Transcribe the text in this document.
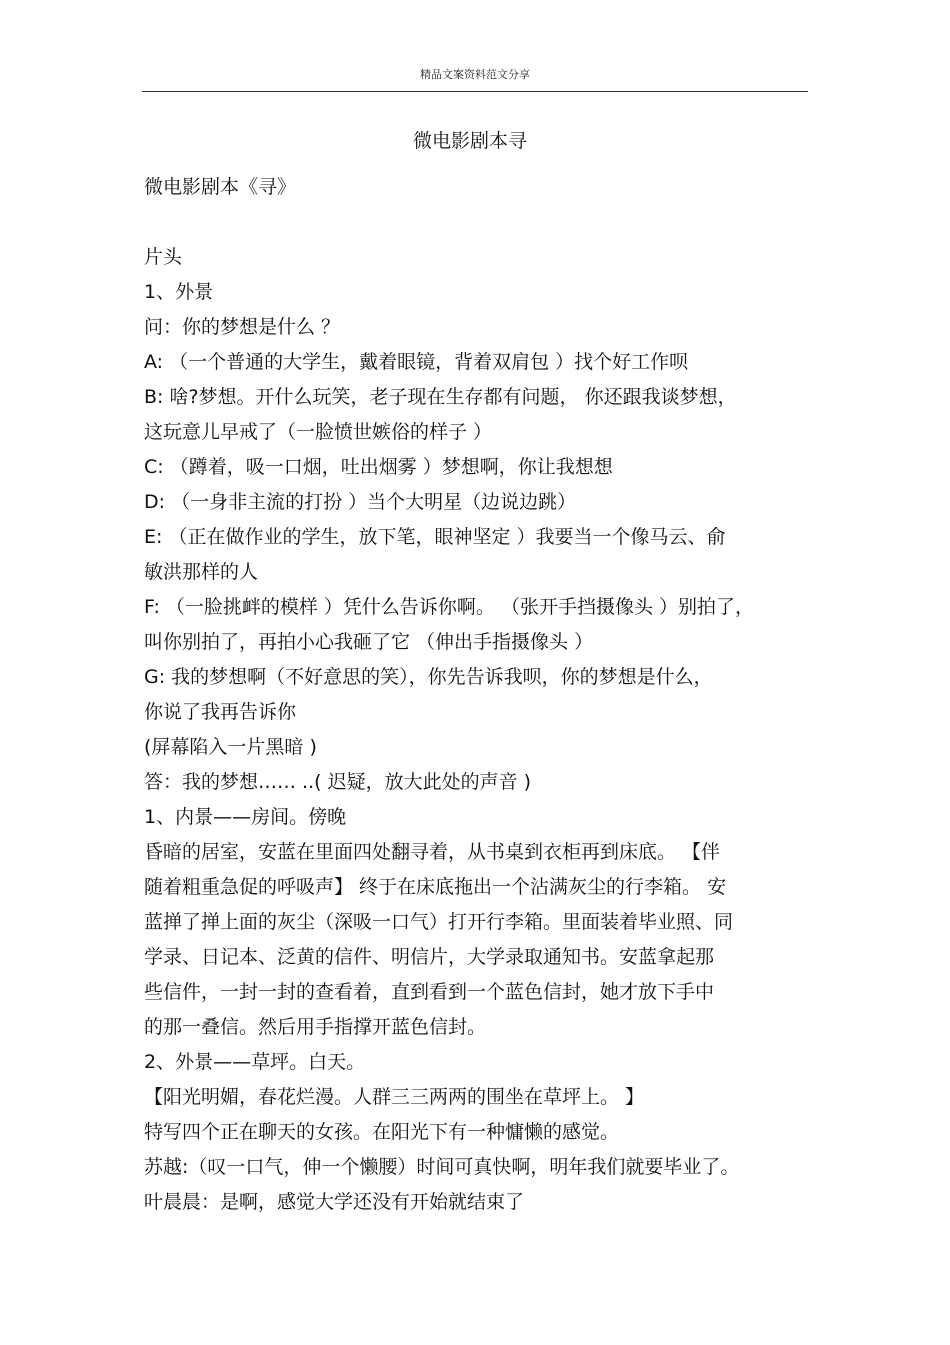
精品文案资料范文分享
微电影剧本寻
微电影剧本《寻》
片头
1、外景
问：你的梦想是什么 ？
A: （一个普通的大学生，戴着眼镜，背着双肩包 ）找个好工作呗
B: 啥?梦想。开什么玩笑，老子现在生存都有问题， 你还跟我谈梦想，
这玩意儿早戒了（一脸愤世嫉俗的样子 ）
C: （蹲着，吸一口烟，吐出烟雾 ）梦想啊，你让我想想
D: （一身非主流的打扮 ）当个大明星（边说边跳）
E: （正在做作业的学生，放下笔，眼神坚定 ）我要当一个像马云、俞
敏洪那样的人
F: （一脸挑衅的模样 ）凭什么告诉你啊。 （张开手挡摄像头 ）别拍了，
叫你别拍了，再拍小心我砸了它 （伸出手指摄像头 ）
G: 我的梦想啊（不好意思的笑），你先告诉我呗，你的梦想是什么，
你说了我再告诉你
(屏幕陷入一片黑暗 )
答：我的梦想…… ..( 迟疑，放大此处的声音 )
1、内景——房间。傍晚
昏暗的居室，安蓝在里面四处翻寻着，从书桌到衣柜再到床底。 【伴
随着粗重急促的呼吸声】 终于在床底拖出一个沾满灰尘的行李箱。 安
蓝掸了掸上面的灰尘（深吸一口气）打开行李箱。里面装着毕业照、同
学录、日记本、泛黄的信件、明信片，大学录取通知书。安蓝拿起那
些信件，一封一封的查看着，直到看到一个蓝色信封，她才放下手中
的那一叠信。然后用手指撑开蓝色信封。
2、外景——草坪。白天。
【阳光明媚，春花烂漫。人群三三两两的围坐在草坪上。 】
特写四个正在聊天的女孩。在阳光下有一种慵懒的感觉。
苏越:（叹一口气，伸一个懒腰）时间可真快啊，明年我们就要毕业了。
叶晨晨：是啊，感觉大学还没有开始就结束了
